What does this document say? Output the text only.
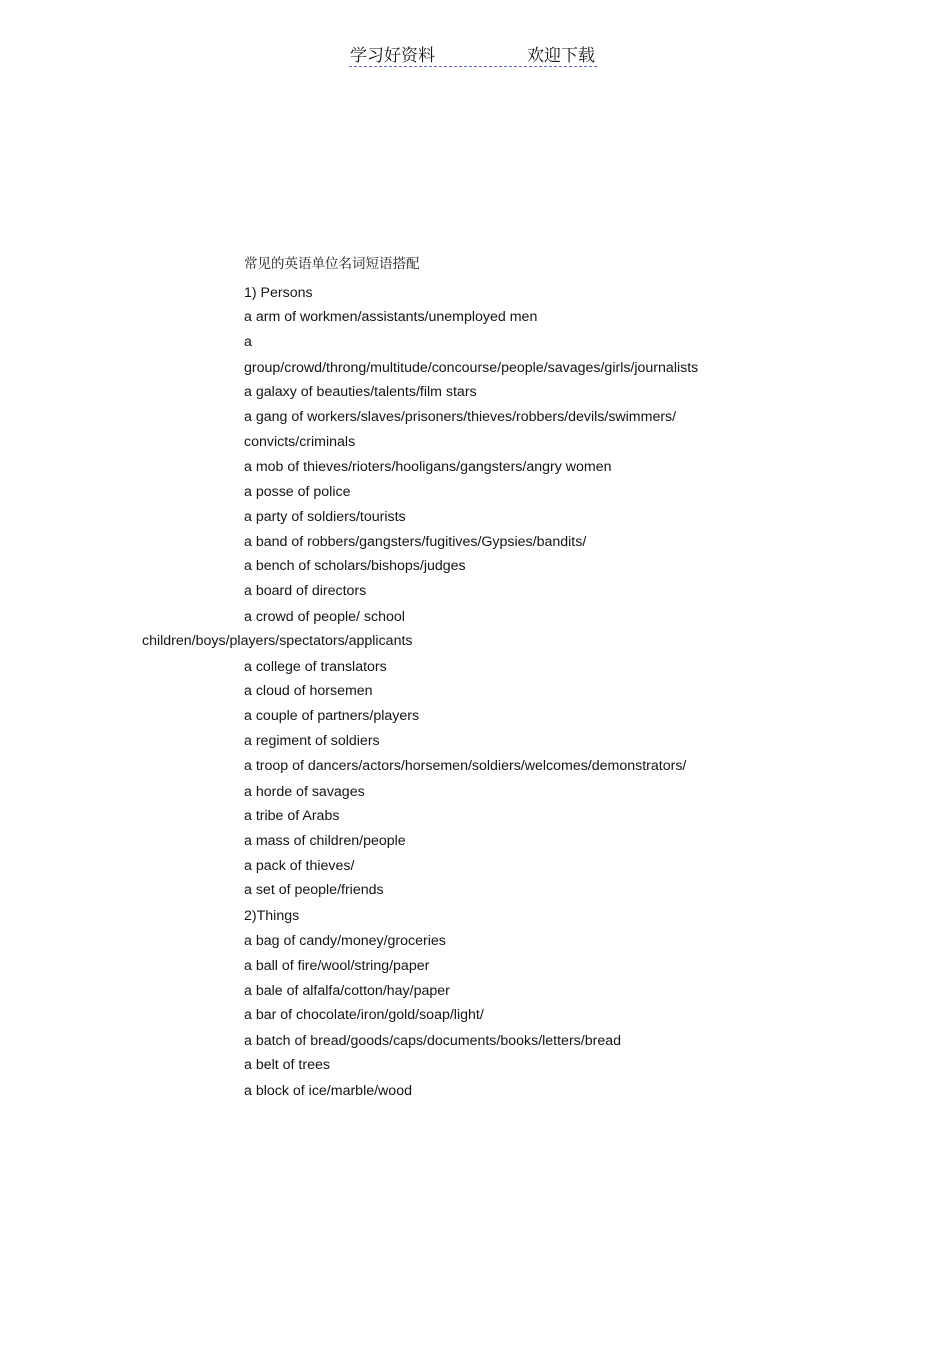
学习好资料	欢迎下载
常见的英语单位名词短语搭配
1) Persons
a arm of workmen/assistants/unemployed men
a
group/crowd/throng/multitude/concourse/people/savages/girls/journalists
a galaxy of beauties/talents/film stars
a gang of workers/slaves/prisoners/thieves/robbers/devils/swimmers/
convicts/criminals
a mob of thieves/rioters/hooligans/gangsters/angry women
a posse of police
a party of soldiers/tourists
a band of robbers/gangsters/fugitives/Gypsies/bandits/
a bench of scholars/bishops/judges
a board of directors
a crowd of people/ school
children/boys/players/spectators/applicants
a college of translators
a cloud of horsemen
a couple of partners/players
a regiment of soldiers
a troop of dancers/actors/horsemen/soldiers/welcomes/demonstrators/
a horde of savages
a tribe of Arabs
a mass of children/people
a pack of thieves/
a set of people/friends
2)Things
a bag of candy/money/groceries
a ball of fire/wool/string/paper
a bale of alfalfa/cotton/hay/paper
a bar of chocolate/iron/gold/soap/light/
a batch of bread/goods/caps/documents/books/letters/bread
a belt of trees
a block of ice/marble/wood
